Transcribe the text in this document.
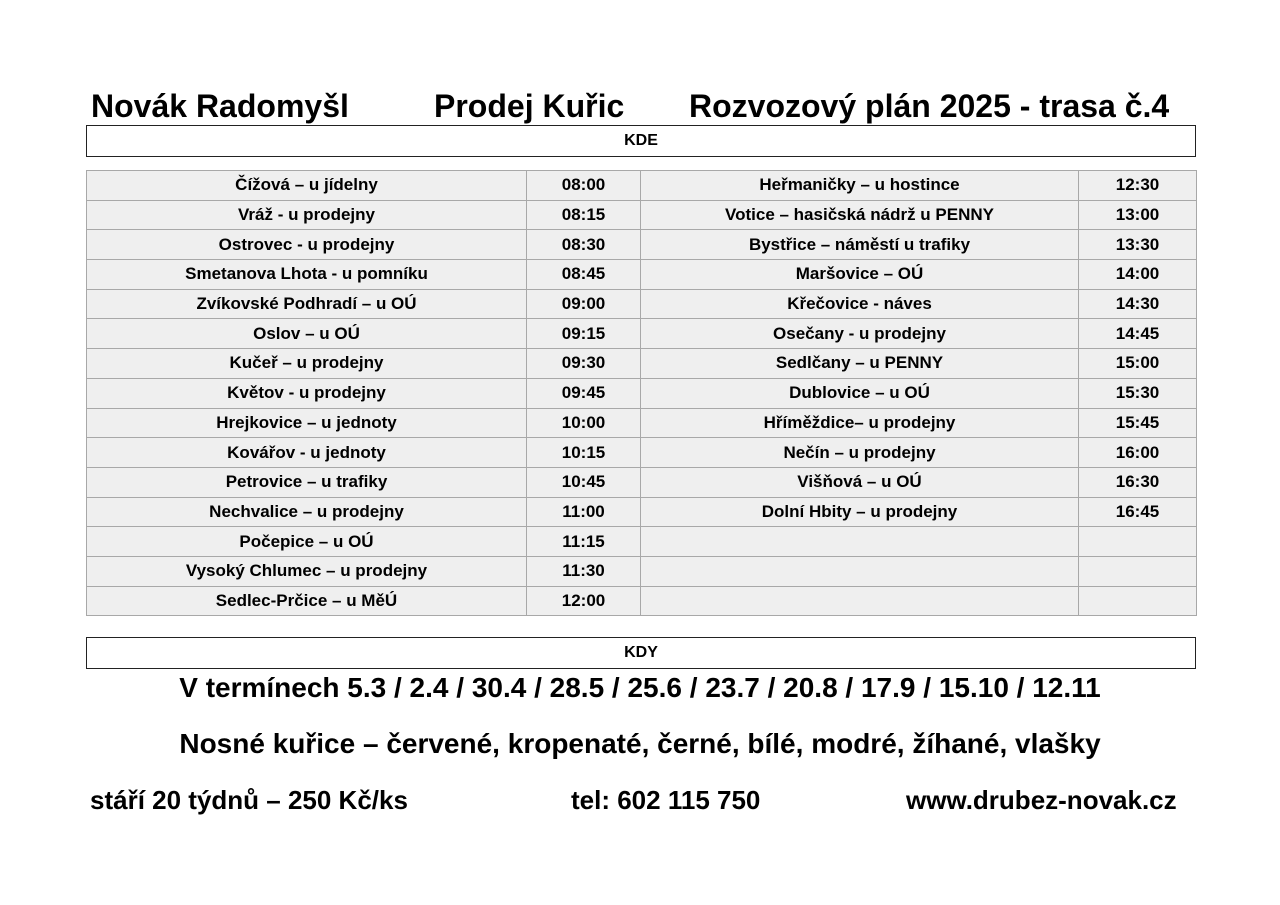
Novák Radomyšl	Prodej Kuřic Rozvozový plán 2025 - trasa č.4
KDE
Čížová – u jídelny	08:00	Heřmaničky – u hostince	12:30
Vráž - u prodejny	08:15	Votice – hasičská nádrž u PENNY	13:00
Ostrovec - u prodejny	08:30	Bystřice – náměstí u trafiky	13:30
Smetanova Lhota - u pomníku	08:45	Maršovice – OÚ	14:00
Zvíkovské Podhradí – u OÚ	09:00	Křečovice - náves	14:30
Oslov – u OÚ	09:15	Osečany - u prodejny	14:45
Kučeř – u prodejny	09:30	Sedlčany – u PENNY	15:00
Květov - u prodejny	09:45	Dublovice – u OÚ	15:30
Hrejkovice – u jednoty	10:00	Hříměždice– u prodejny	15:45
Kovářov - u jednoty	10:15	Nečín – u prodejny	16:00
Petrovice – u trafiky	10:45	Višňová – u OÚ	16:30
Nechvalice – u prodejny	11:00	Dolní Hbity – u prodejny	16:45
Počepice – u OÚ	11:15		
Vysoký Chlumec – u prodejny	11:30		
Sedlec-Prčice – u MěÚ	12:00		
KDY
V termínech 5.3 / 2.4 / 30.4 / 28.5 / 25.6 / 23.7 / 20.8 / 17.9 / 15.10 / 12.11
Nosné kuřice – červené, kropenaté, černé, bílé, modré, žíhané, vlašky
stáří 20 týdnů – 250 Kč/ks	tel: 602 115 750	www.drubez-novak.cz
